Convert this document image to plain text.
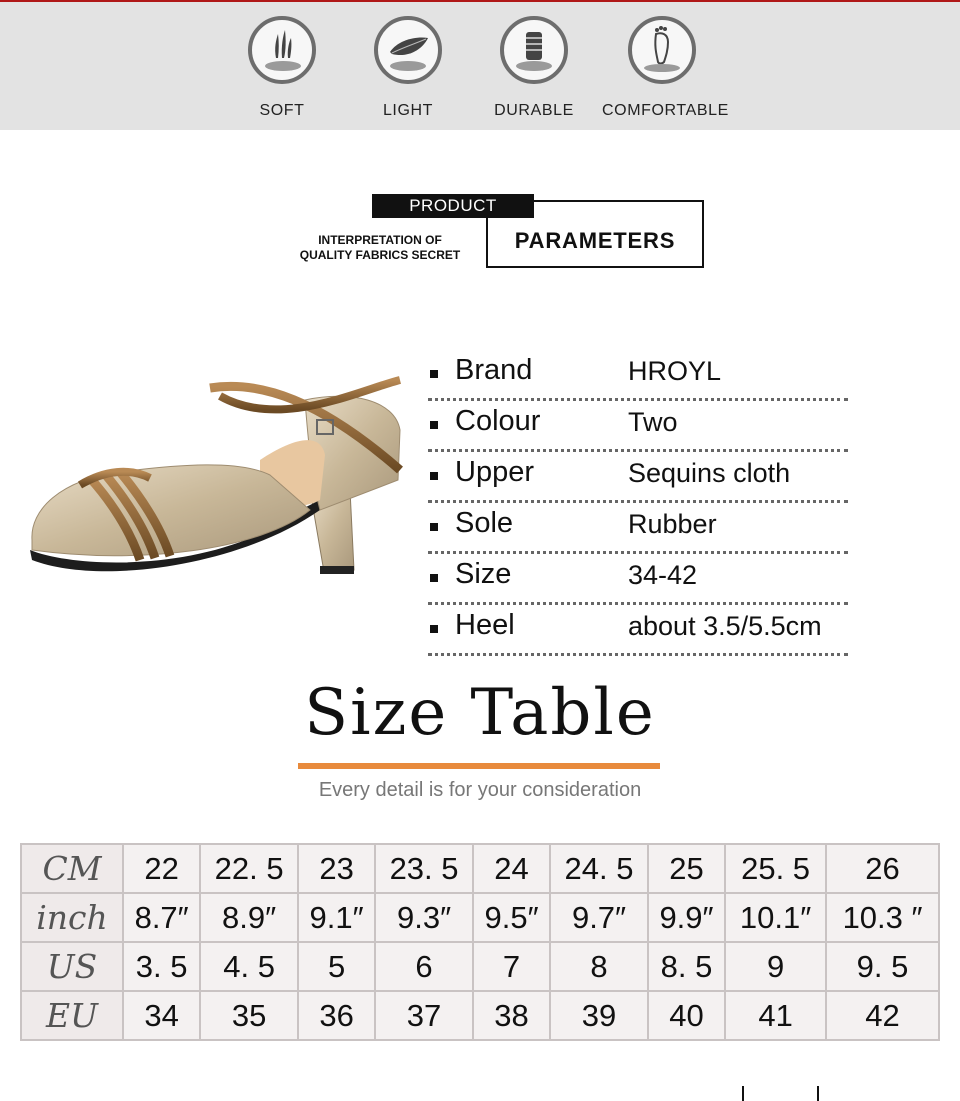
SOFT	LIGHT	DURABLE	COMFORTABLE
PARAMETERS
PRODUCT
INTERPRETATION OF
QUALITY FABRICS SECRET
Brand	HROYL
Colour	Two
Upper	Sequins cloth
Sole	Rubber
Size	34-42
Heel	about 3.5/5.5cm
Size Table
Every detail is for your consideration
CM	22	22. 5	23	23. 5	24	24. 5	25	25. 5	26
inch	8.7″	8.9″	9.1″	9.3″	9.5″	9.7″	9.9″	10.1″	10.3 ″
US	3. 5	4. 5	5	6	7	8	8. 5	9	9. 5
EU	34	35	36	37	38	39	40	41	42
